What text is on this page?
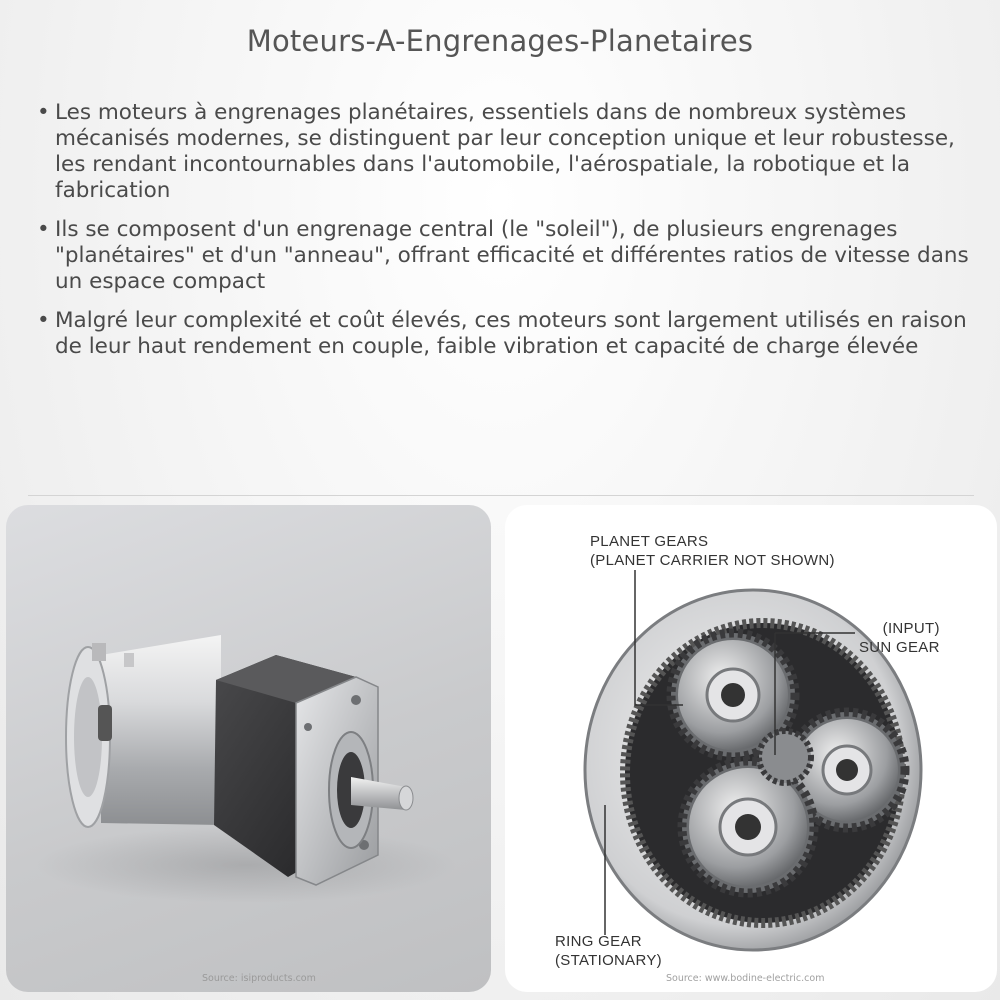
Moteurs-A-Engrenages-Planetaires
• Les moteurs à engrenages planétaires, essentiels dans de nombreux systèmes mécanisés modernes, se distinguent par leur conception unique et leur robustesse, les rendant incontournables dans l'automobile, l'aérospatiale, la robotique et la fabrication
• Ils se composent d'un engrenage central (le "soleil"), de plusieurs engrenages "planétaires" et d'un "anneau", offrant efficacité et différentes ratios de vitesse dans un espace compact
• Malgré leur complexité et coût élevés, ces moteurs sont largement utilisés en raison de leur haut rendement en couple, faible vibration et capacité de charge élevée
Source: isiproducts.com
PLANET GEARS
(PLANET CARRIER NOT SHOWN)
(INPUT)
SUN GEAR
RING GEAR
(STATIONARY)
Source: www.bodine-electric.com
